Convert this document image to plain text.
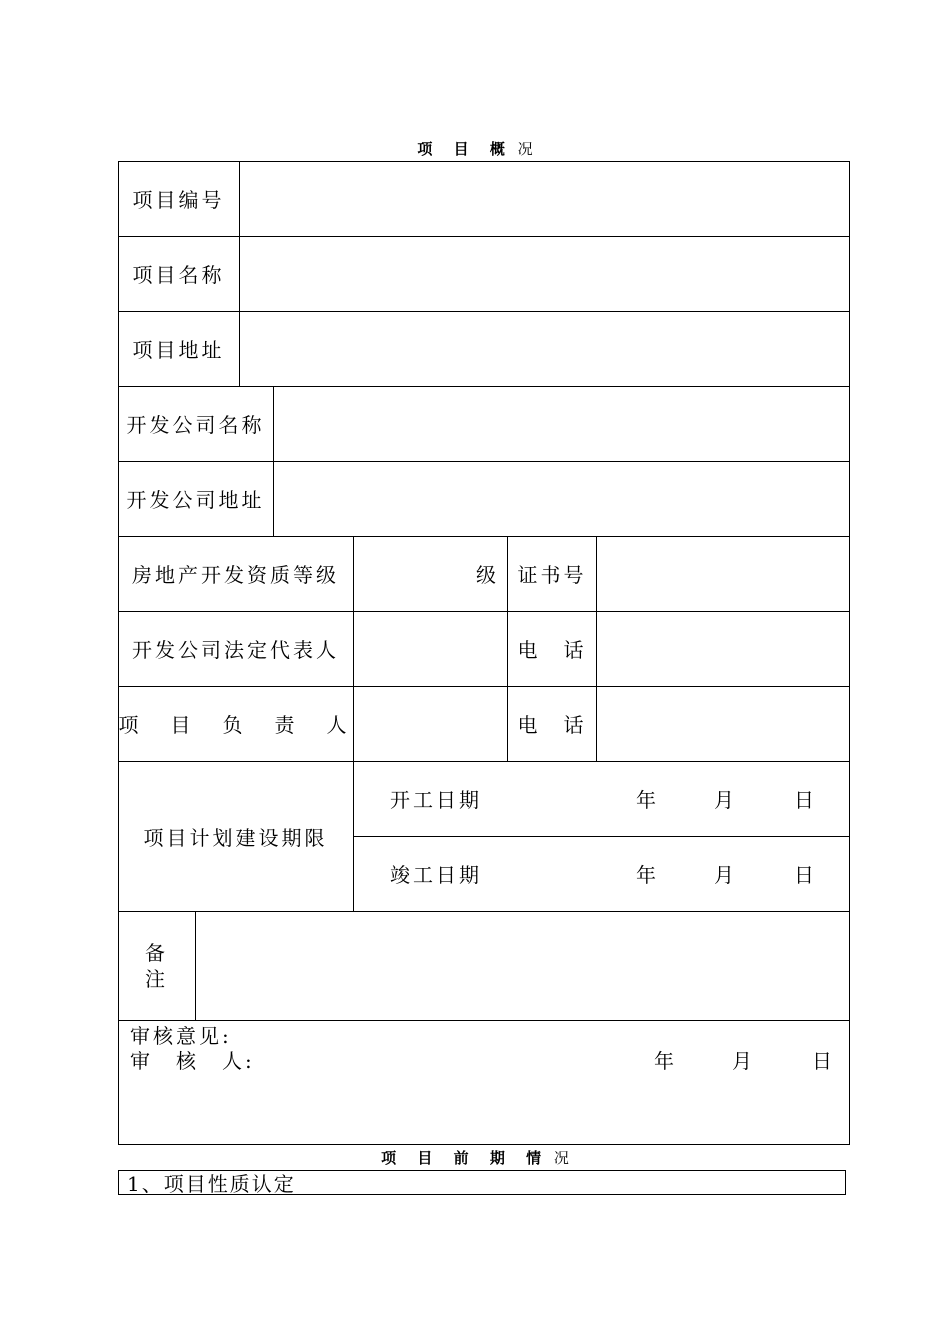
项 目 概 况
项目编号
项目名称
项目地址
开发公司名称
开发公司地址
房地产开发资质等级	级 证书号
开发公司法定代表人	电　话
项　目　负　责　人	电　话
项目计划建设期限
开工日期	年	月	日
竣工日期	年	月	日
备
注
审核意见:
审　核　人:	年	月	日
项 目 前 期 情 况
1、项目性质认定
